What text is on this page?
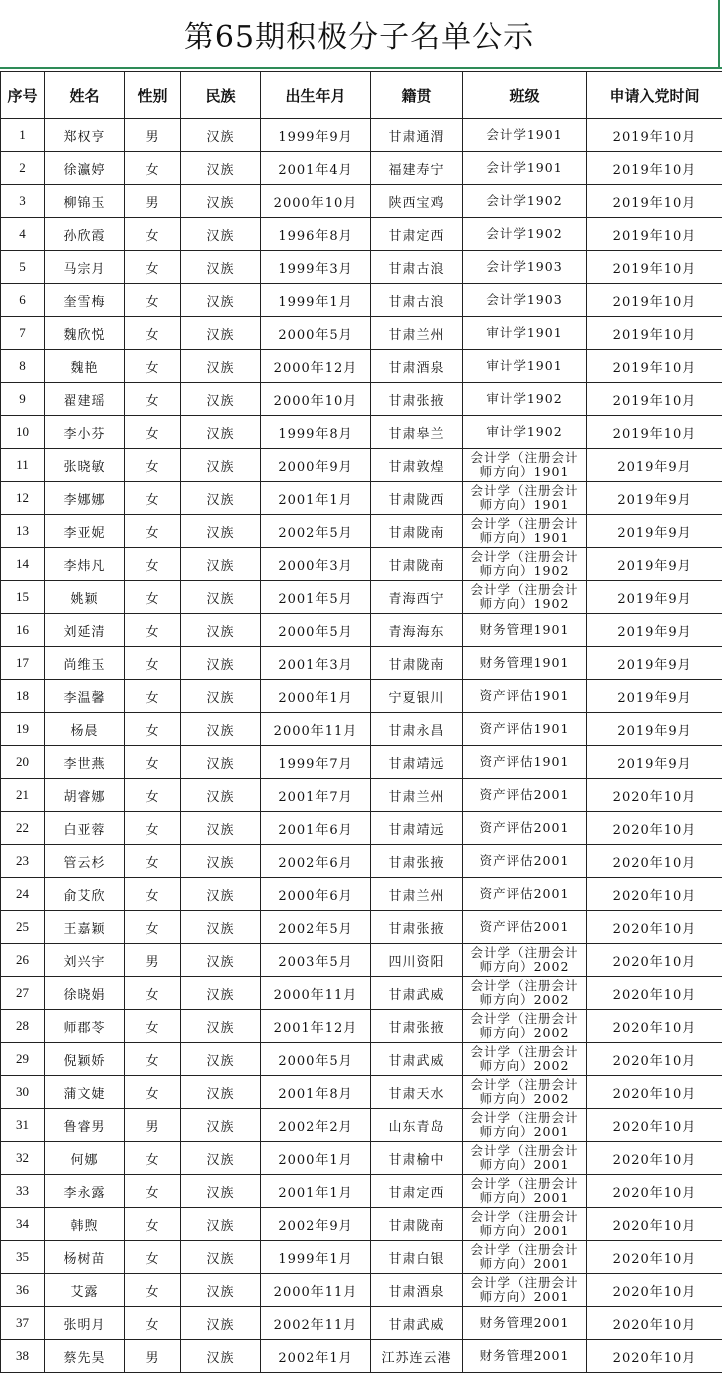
第65期积极分子名单公示
序号	姓名	性别	民族	出生年月	籍贯	班级	申请入党时间
1	郑权亨	男	汉族	1999年9月	甘肃通渭	会计学1901	2019年10月
2	徐瀛婷	女	汉族	2001年4月	福建寿宁	会计学1901	2019年10月
3	柳锦玉	男	汉族	2000年10月	陕西宝鸡	会计学1902	2019年10月
4	孙欣霞	女	汉族	1996年8月	甘肃定西	会计学1902	2019年10月
5	马宗月	女	汉族	1999年3月	甘肃古浪	会计学1903	2019年10月
6	奎雪梅	女	汉族	1999年1月	甘肃古浪	会计学1903	2019年10月
7	魏欣悦	女	汉族	2000年5月	甘肃兰州	审计学1901	2019年10月
8	魏艳	女	汉族	2000年12月	甘肃酒泉	审计学1901	2019年10月
9	翟建瑶	女	汉族	2000年10月	甘肃张掖	审计学1902	2019年10月
10	李小芬	女	汉族	1999年8月	甘肃皋兰	审计学1902	2019年10月
11	张晓敏	女	汉族	2000年9月	甘肃敦煌	会计学（注册会计师方向）1901	2019年9月
12	李娜娜	女	汉族	2001年1月	甘肃陇西	会计学（注册会计师方向）1901	2019年9月
13	李亚妮	女	汉族	2002年5月	甘肃陇南	会计学（注册会计师方向）1901	2019年9月
14	李炜凡	女	汉族	2000年3月	甘肃陇南	会计学（注册会计师方向）1902	2019年9月
15	姚颖	女	汉族	2001年5月	青海西宁	会计学（注册会计师方向）1902	2019年9月
16	刘延清	女	汉族	2000年5月	青海海东	财务管理1901	2019年9月
17	尚维玉	女	汉族	2001年3月	甘肃陇南	财务管理1901	2019年9月
18	李温馨	女	汉族	2000年1月	宁夏银川	资产评估1901	2019年9月
19	杨晨	女	汉族	2000年11月	甘肃永昌	资产评估1901	2019年9月
20	李世燕	女	汉族	1999年7月	甘肃靖远	资产评估1901	2019年9月
21	胡睿娜	女	汉族	2001年7月	甘肃兰州	资产评估2001	2020年10月
22	白亚蓉	女	汉族	2001年6月	甘肃靖远	资产评估2001	2020年10月
23	管云杉	女	汉族	2002年6月	甘肃张掖	资产评估2001	2020年10月
24	俞艾欣	女	汉族	2000年6月	甘肃兰州	资产评估2001	2020年10月
25	王嘉颖	女	汉族	2002年5月	甘肃张掖	资产评估2001	2020年10月
26	刘兴宇	男	汉族	2003年5月	四川资阳	会计学（注册会计师方向）2002	2020年10月
27	徐晓娟	女	汉族	2000年11月	甘肃武威	会计学（注册会计师方向）2002	2020年10月
28	师郡苓	女	汉族	2001年12月	甘肃张掖	会计学（注册会计师方向）2002	2020年10月
29	倪颖娇	女	汉族	2000年5月	甘肃武威	会计学（注册会计师方向）2002	2020年10月
30	蒲文婕	女	汉族	2001年8月	甘肃天水	会计学（注册会计师方向）2002	2020年10月
31	鲁睿男	男	汉族	2002年2月	山东青岛	会计学（注册会计师方向）2001	2020年10月
32	何娜	女	汉族	2000年1月	甘肃榆中	会计学（注册会计师方向）2001	2020年10月
33	李永露	女	汉族	2001年1月	甘肃定西	会计学（注册会计师方向）2001	2020年10月
34	韩煦	女	汉族	2002年9月	甘肃陇南	会计学（注册会计师方向）2001	2020年10月
35	杨树苗	女	汉族	1999年1月	甘肃白银	会计学（注册会计师方向）2001	2020年10月
36	艾露	女	汉族	2000年11月	甘肃酒泉	会计学（注册会计师方向）2001	2020年10月
37	张明月	女	汉族	2002年11月	甘肃武威	财务管理2001	2020年10月
38	蔡先昊	男	汉族	2002年1月	江苏连云港	财务管理2001	2020年10月
